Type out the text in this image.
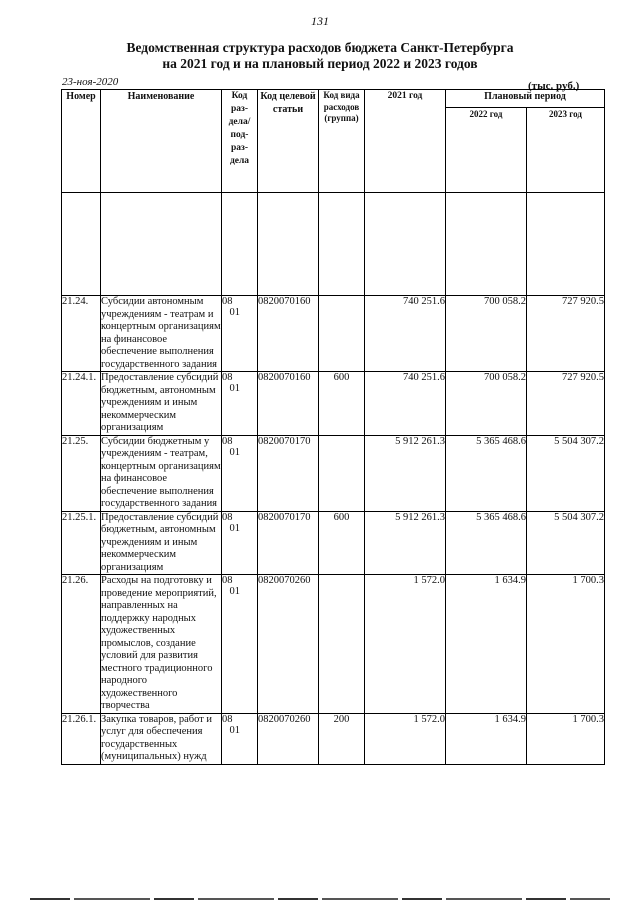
131
Ведомственная структура расходов бюджета Санкт-Петербурга
на 2021 год и на плановый период 2022 и 2023 годов
23-ноя-2020	(тыс. руб.)
Номер	Наименование	Код раз- дела/ под- раз- дела	Код целевой статьи	Код вида расходов (группа)	2021 год	Плановый период	
						2022 год	2023 год

21.24.	Субсидии автономным учреждениям - театрам и концертным организациям на финансовое обеспечение выполнения государственного задания	0801	0820070160		740 251.6	700 058.2	727 920.5
21.24.1.	Предоставление субсидий бюджетным, автономным учреждениям и иным некоммерческим организациям	0801	0820070160	600	740 251.6	700 058.2	727 920.5
21.25.	Субсидии бюджетным у учреждениям - театрам, концертным организациям на финансовое обеспечение выполнения государственного задания	0801	0820070170		5 912 261.3	5 365 468.6	5 504 307.2
21.25.1.	Предоставление субсидий бюджетным, автономным учреждениям и иным некоммерческим организациям	0801	0820070170	600	5 912 261.3	5 365 468.6	5 504 307.2
21.26.	Расходы на подготовку и проведение мероприятий, направленных на поддержку народных художественных промыслов, создание условий для развития местного традиционного народного художественного творчества	0801	0820070260		1 572.0	1 634.9	1 700.3
21.26.1.	Закупка товаров, работ и услуг для обеспечения государственных (муниципальных) нужд	0801	0820070260	200	1 572.0	1 634.9	1 700.3
